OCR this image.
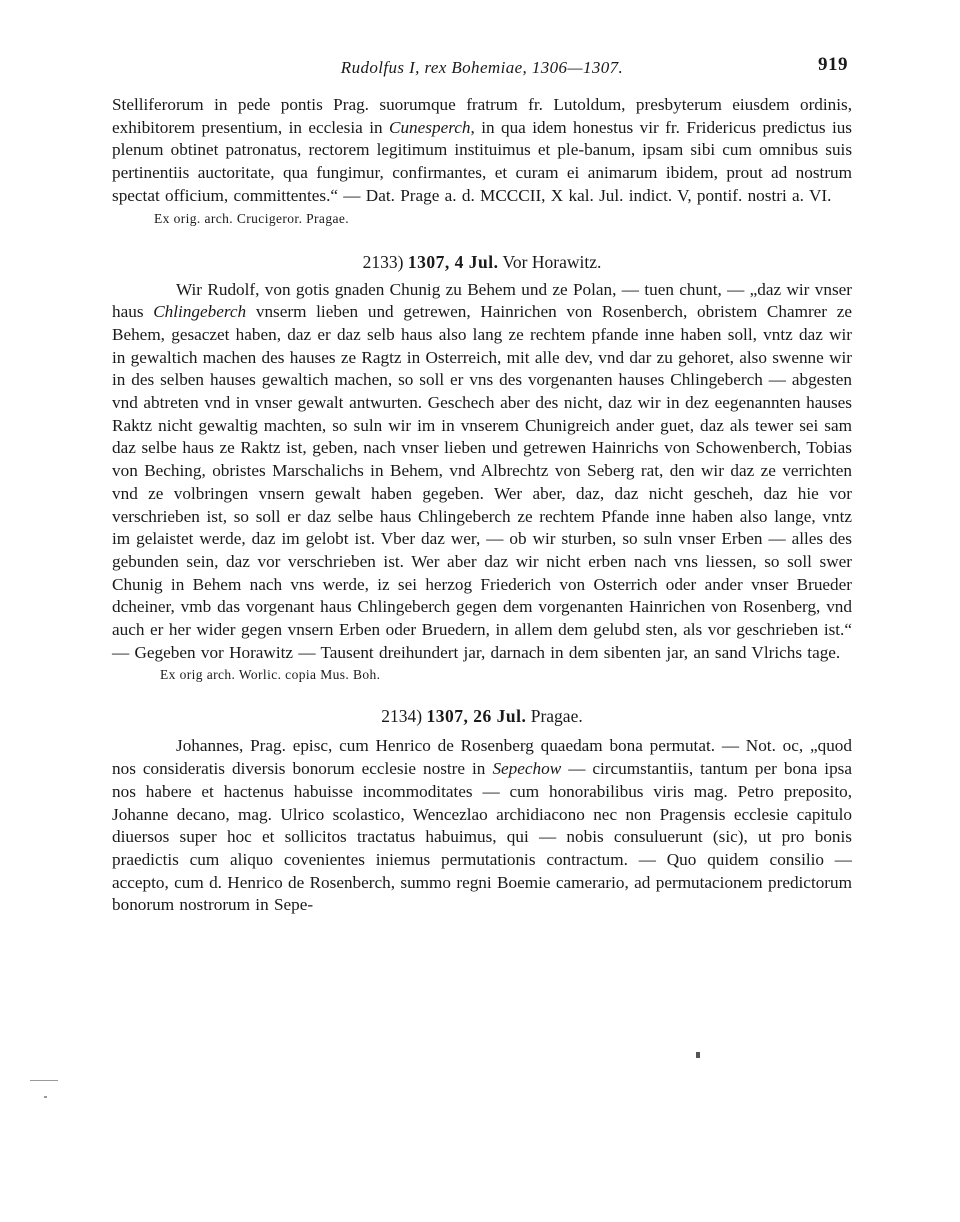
Rudolfus I, rex Bohemiae, 1306—1307.	919

Stelliferorum in pede pontis Prag. suorumque fratrum fr. Lutoldum, presbyterum eiusdem ordinis, exhibitorem presentium, in ecclesia in Cunesperch, in qua idem honestus vir fr. Fridericus predictus ius plenum obtinet patronatus, rectorem legitimum instituimus et ple-banum, ipsam sibi cum omnibus suis pertinentiis auctoritate, qua fungimur, confirmantes, et curam ei animarum ibidem, prout ad nostrum spectat officium, committentes.“ — Dat. Prage a. d. MCCCII, X kal. Jul. indict. V, pontif. nostri a. VI.

Ex orig. arch. Crucigeror. Pragae.

2133) 1307, 4 Jul. Vor Horawitz.

Wir Rudolf, von gotis gnaden Chunig zu Behem und ze Polan, — tuen chunt, — „daz wir vnser haus Chlingeberch vnserm lieben und getrewen, Hainrichen von Rosenberch, obristem Chamrer ze Behem, gesaczet haben, daz er daz selb haus also lang ze rechtem pfande inne haben soll, vntz daz wir in gewaltich machen des hauses ze Ragtz in Osterreich, mit alle dev, vnd dar zu gehoret, also swenne wir in des selben hauses gewaltich machen, so soll er vns des vorgenanten hauses Chlingeberch — abgesten vnd abtreten vnd in vnser gewalt antwurten. Geschech aber des nicht, daz wir in dez eegenannten hauses Raktz nicht gewaltig machten, so suln wir im in vnserem Chunigreich ander guet, daz als tewer sei sam daz selbe haus ze Raktz ist, geben, nach vnser lieben und getrewen Hainrichs von Schowenberch, Tobias von Beching, obristes Marschalichs in Behem, vnd Albrechtz von Seberg rat, den wir daz ze verrichten vnd ze volbringen vnsern gewalt haben gegeben. Wer aber, daz, daz nicht gescheh, daz hie vor verschrieben ist, so soll er daz selbe haus Chlingeberch ze rechtem Pfande inne haben also lange, vntz im gelaistet werde, daz im gelobt ist. Vber daz wer, — ob wir sturben, so suln vnser Erben — alles des gebunden sein, daz vor verschrieben ist. Wer aber daz wir nicht erben nach vns liessen, so soll swer Chunig in Behem nach vns werde, iz sei herzog Friederich von Osterrich oder ander vnser Brueder dcheiner, vmb das vorgenant haus Chlingeberch gegen dem vorgenanten Hainrichen von Rosenberg, vnd auch er her wider gegen vnsern Erben oder Bruedern, in allem dem gelubd sten, als vor geschrieben ist.“ — Gegeben vor Horawitz — Tausent dreihundert jar, darnach in dem sibenten jar, an sand Vlrichs tage.

Ex orig arch. Worlic. copia Mus. Boh.

2134) 1307, 26 Jul. Pragae.

Johannes, Prag. episc, cum Henrico de Rosenberg quaedam bona permutat. — Not. oc, „quod nos consideratis diversis bonorum ecclesie nostre in Sepechow — circumstantiis, tantum per bona ipsa nos habere et hactenus habuisse incommoditates — cum honorabilibus viris mag. Petro preposito, Johanne decano, mag. Ulrico scolastico, Wencezlao archidiacono nec non Pragensis ecclesie capitulo diuersos super hoc et sollicitos tractatus habuimus, qui — nobis consuluerunt (sic), ut pro bonis praedictis cum aliquo covenientes iniemus permutationis contractum. — Quo quidem consilio — accepto, cum d. Henrico de Rosenberch, summo regni Boemie camerario, ad permutacionem predictorum bonorum nostrorum in Sepe-
